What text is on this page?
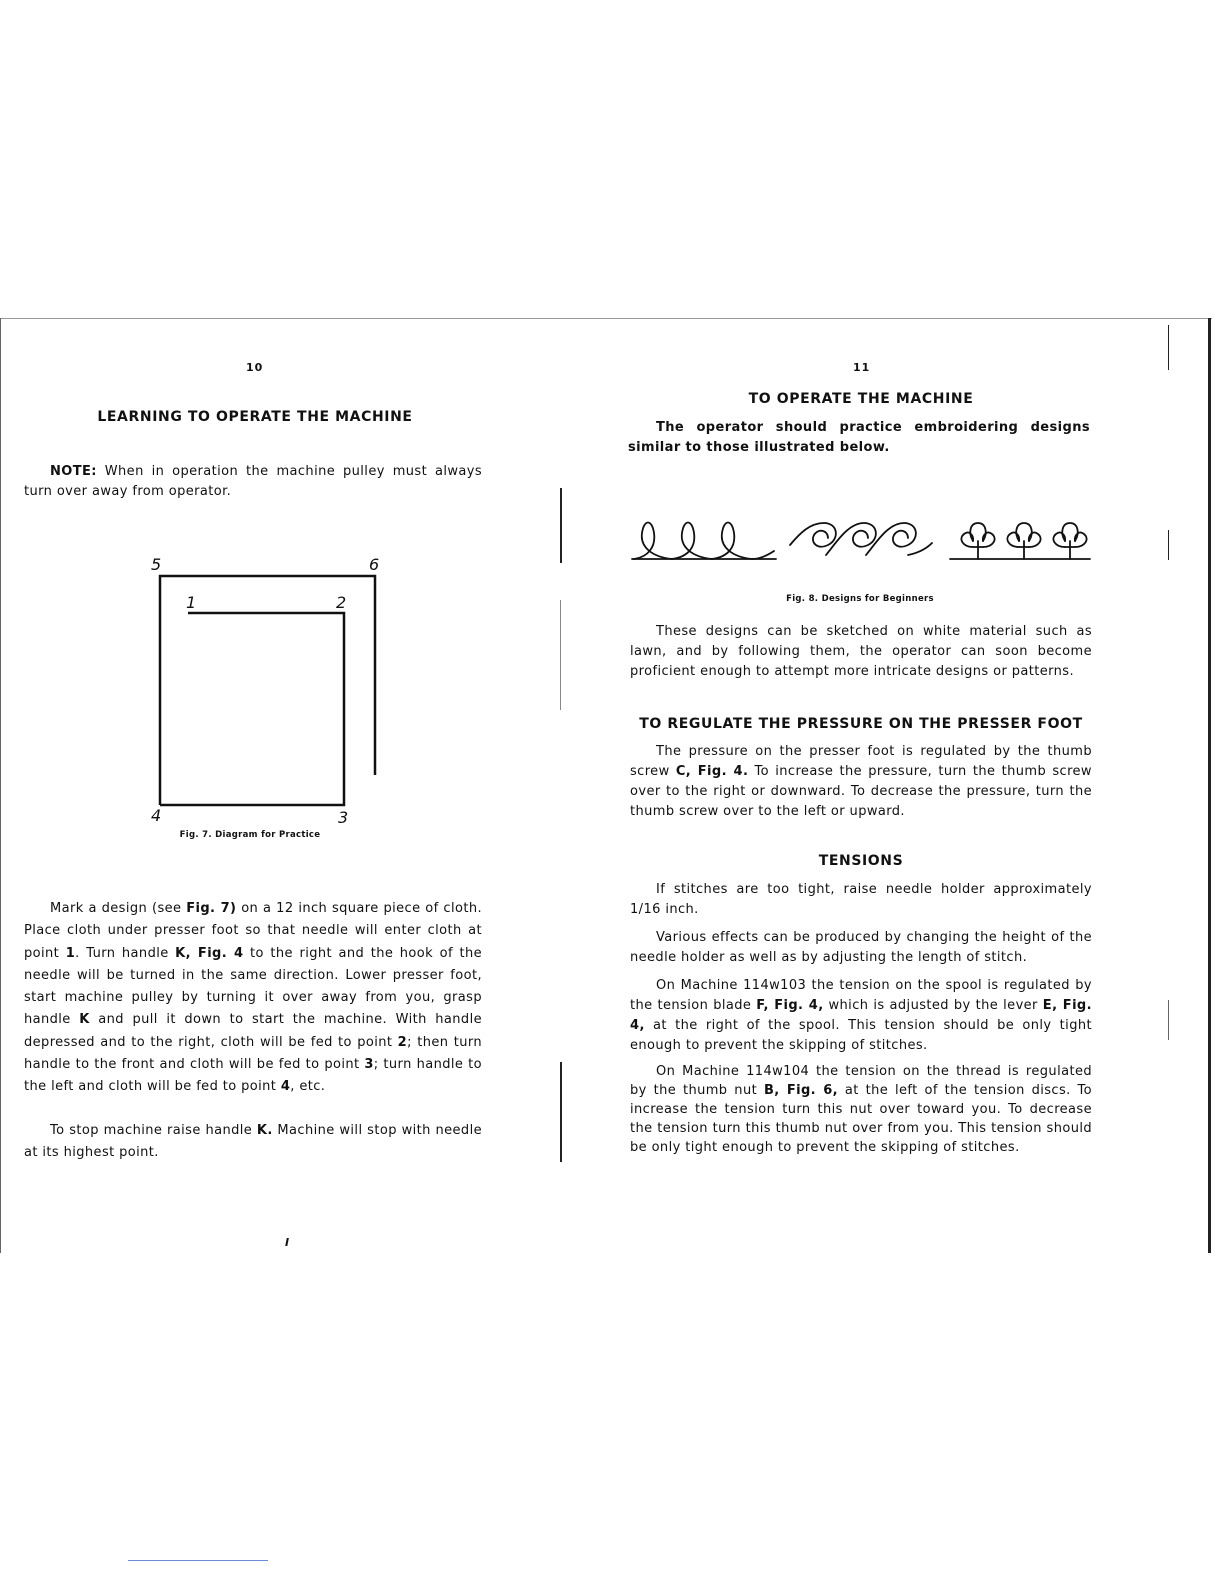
10
LEARNING TO OPERATE THE MACHINE

NOTE: When in operation the machine pulley must always turn over away from operator.

5	6
1	2
4	3
Fig. 7. Diagram for Practice

Mark a design (see Fig. 7) on a 12 inch square piece of cloth. Place cloth under presser foot so that needle will enter cloth at point 1. Turn handle K, Fig. 4 to the right and the hook of the needle will be turned in the same direction. Lower presser foot, start machine pulley by turning it over away from you, grasp handle K and pull it down to start the machine. With handle depressed and to the right, cloth will be fed to point 2; then turn handle to the front and cloth will be fed to point 3; turn handle to the left and cloth will be fed to point 4, etc.

To stop machine raise handle K. Machine will stop with needle at its highest point.

I
11
TO OPERATE THE MACHINE

The operator should practice embroidering designs similar to those illustrated below.

Fig. 8. Designs for Beginners

These designs can be sketched on white material such as lawn, and by following them, the operator can soon become proficient enough to attempt more intricate designs or patterns.

TO REGULATE THE PRESSURE ON THE PRESSER FOOT

The pressure on the presser foot is regulated by the thumb screw C, Fig. 4. To increase the pressure, turn the thumb screw over to the right or downward. To decrease the pressure, turn the thumb screw over to the left or upward.

TENSIONS

If stitches are too tight, raise needle holder approximately 1/16 inch.

Various effects can be produced by changing the height of the needle holder as well as by adjusting the length of stitch.

On Machine 114w103 the tension on the spool is regulated by the tension blade F, Fig. 4, which is adjusted by the lever E, Fig. 4, at the right of the spool. This tension should be only tight enough to prevent the skipping of stitches.

On Machine 114w104 the tension on the thread is regulated by the thumb nut B, Fig. 6, at the left of the tension discs. To increase the tension turn this nut over toward you. To decrease the tension turn this thumb nut over from you. This tension should be only tight enough to prevent the skipping of stitches.
